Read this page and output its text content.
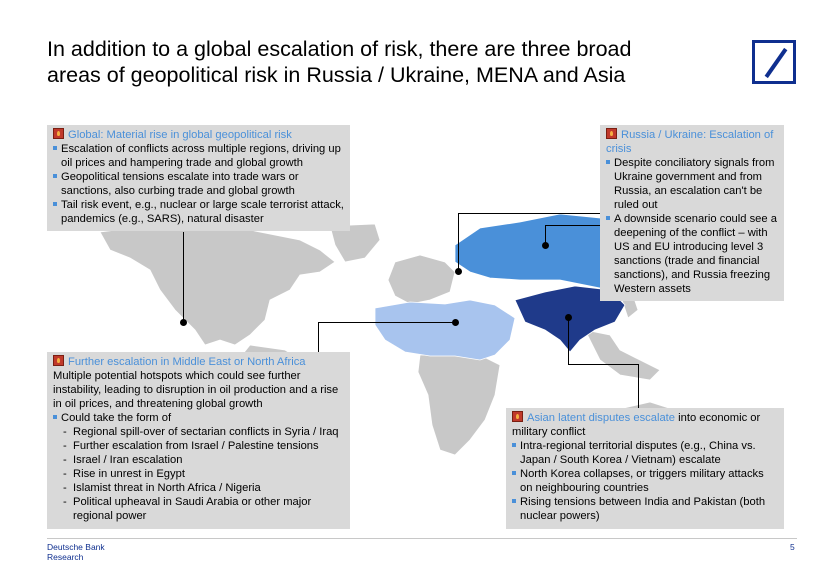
In addition to a global escalation of risk, there are three broad
areas of geopolitical risk in Russia / Ukraine, MENA and Asia
Global: Material rise in global geopolitical risk
Escalation of conflicts across multiple regions, driving up oil prices and hampering trade and global growth
Geopolitical tensions escalate into trade wars or sanctions, also curbing trade and global growth
Tail risk event, e.g., nuclear or large scale terrorist attack, pandemics (e.g., SARS), natural disaster
Russia / Ukraine: Escalation of crisis
Despite conciliatory signals from Ukraine government and from Russia, an escalation can't be ruled out
A downside scenario could see a deepening of the conflict – with US and EU introducing level 3 sanctions (trade and financial sanctions), and Russia freezing Western assets
Further escalation in Middle East or North Africa
Multiple potential hotspots which could see further instability, leading to disruption in oil production and a rise in oil prices, and threatening global growth
Could take the form of
- Regional spill-over of sectarian conflicts in Syria / Iraq
- Further escalation from Israel / Palestine tensions
- Israel / Iran escalation
- Rise in unrest in Egypt
- Islamist threat in North Africa / Nigeria
- Political upheaval in Saudi Arabia or other major regional power
Asian latent disputes escalate into economic or military conflict
Intra-regional territorial disputes (e.g., China vs. Japan / South Korea / Vietnam) escalate
North Korea collapses, or triggers military attacks on neighbouring countries
Rising tensions between India and Pakistan (both nuclear powers)
Deutsche Bank
Research
5
